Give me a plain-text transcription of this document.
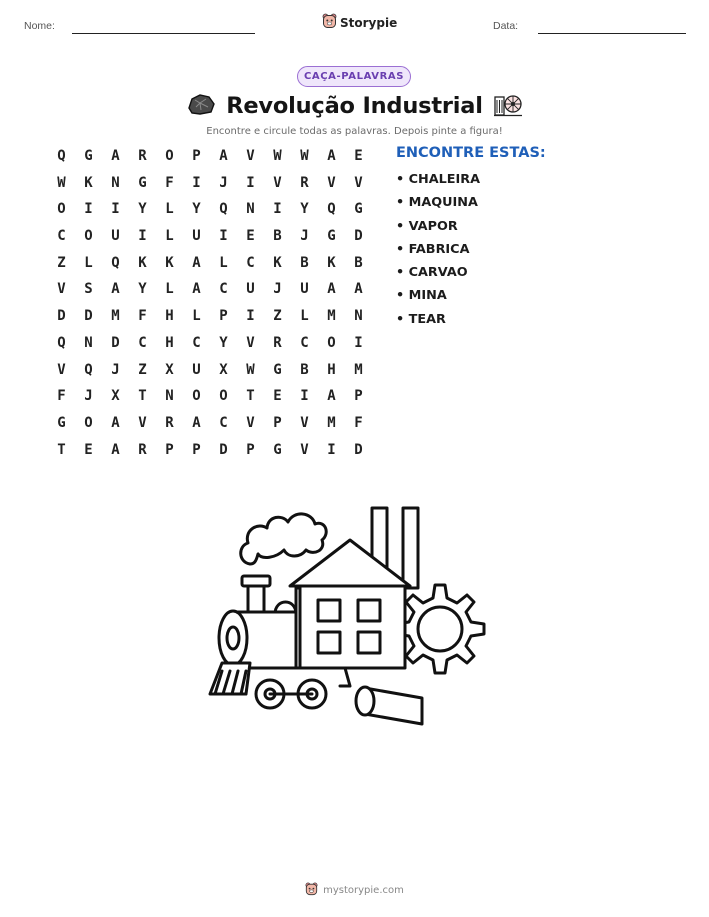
Nome:	Storypie	Data:
CAÇA-PALAVRAS
Revolução Industrial
Encontre e circule todas as palavras. Depois pinte a figura!
Q	G	A	R	O	P	A	V	W	W	A	E
W	K	N	G	F	I	J	I	V	R	V	V
O	I	I	Y	L	Y	Q	N	I	Y	Q	G
C	O	U	I	L	U	I	E	B	J	G	D
Z	L	Q	K	K	A	L	C	K	B	K	B
V	S	A	Y	L	A	C	U	J	U	A	A
D	D	M	F	H	L	P	I	Z	L	M	N
Q	N	D	C	H	C	Y	V	R	C	O	I
V	Q	J	Z	X	U	X	W	G	B	H	M
F	J	X	T	N	O	O	T	E	I	A	P
G	O	A	V	R	A	C	V	P	V	M	F
T	E	A	R	P	P	D	P	G	V	I	D
ENCONTRE ESTAS:
• CHALEIRA
• MAQUINA
• VAPOR
• FABRICA
• CARVAO
• MINA
• TEAR
mystorypie.com
